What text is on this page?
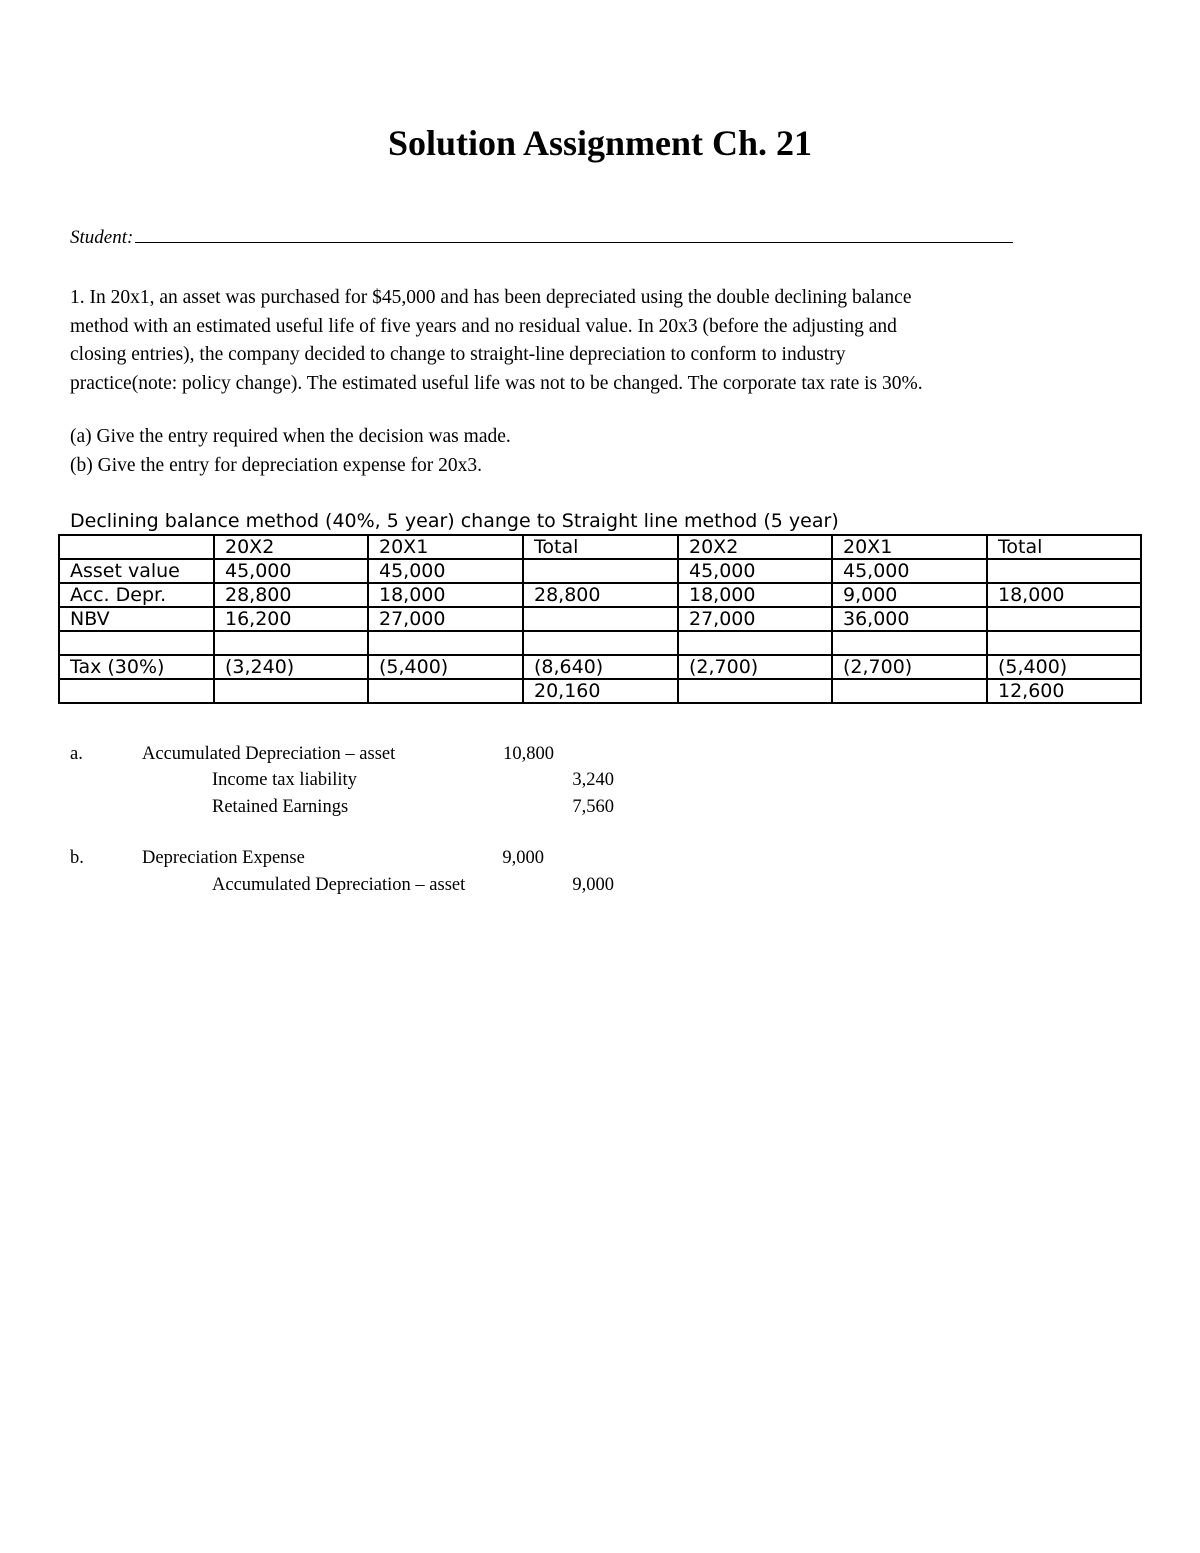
Solution Assignment Ch. 21
Student:
1. In 20x1, an asset was purchased for $45,000 and has been depreciated using the double declining balance
method with an estimated useful life of five years and no residual value. In 20x3 (before the adjusting and
closing entries), the company decided to change to straight-line depreciation to conform to industry
practice(note: policy change). The estimated useful life was not to be changed. The corporate tax rate is 30%.
(a) Give the entry required when the decision was made.
(b) Give the entry for depreciation expense for 20x3.
Declining balance method (40%, 5 year) change to Straight line method (5 year)
	20X2	20X1	Total	20X2	20X1	Total
Asset value	45,000	45,000		45,000	45,000	
Acc. Depr.	28,800	18,000	28,800	18,000	9,000	18,000
NBV	16,200	27,000		27,000	36,000	

Tax (30%)	(3,240)	(5,400)	(8,640)	(2,700)	(2,700)	(5,400)
			20,160			12,600
a.	Accumulated Depreciation – asset	10,800
Income tax liability	3,240
Retained Earnings	7,560
b.	Depreciation Expense	9,000
Accumulated Depreciation – asset	9,000
